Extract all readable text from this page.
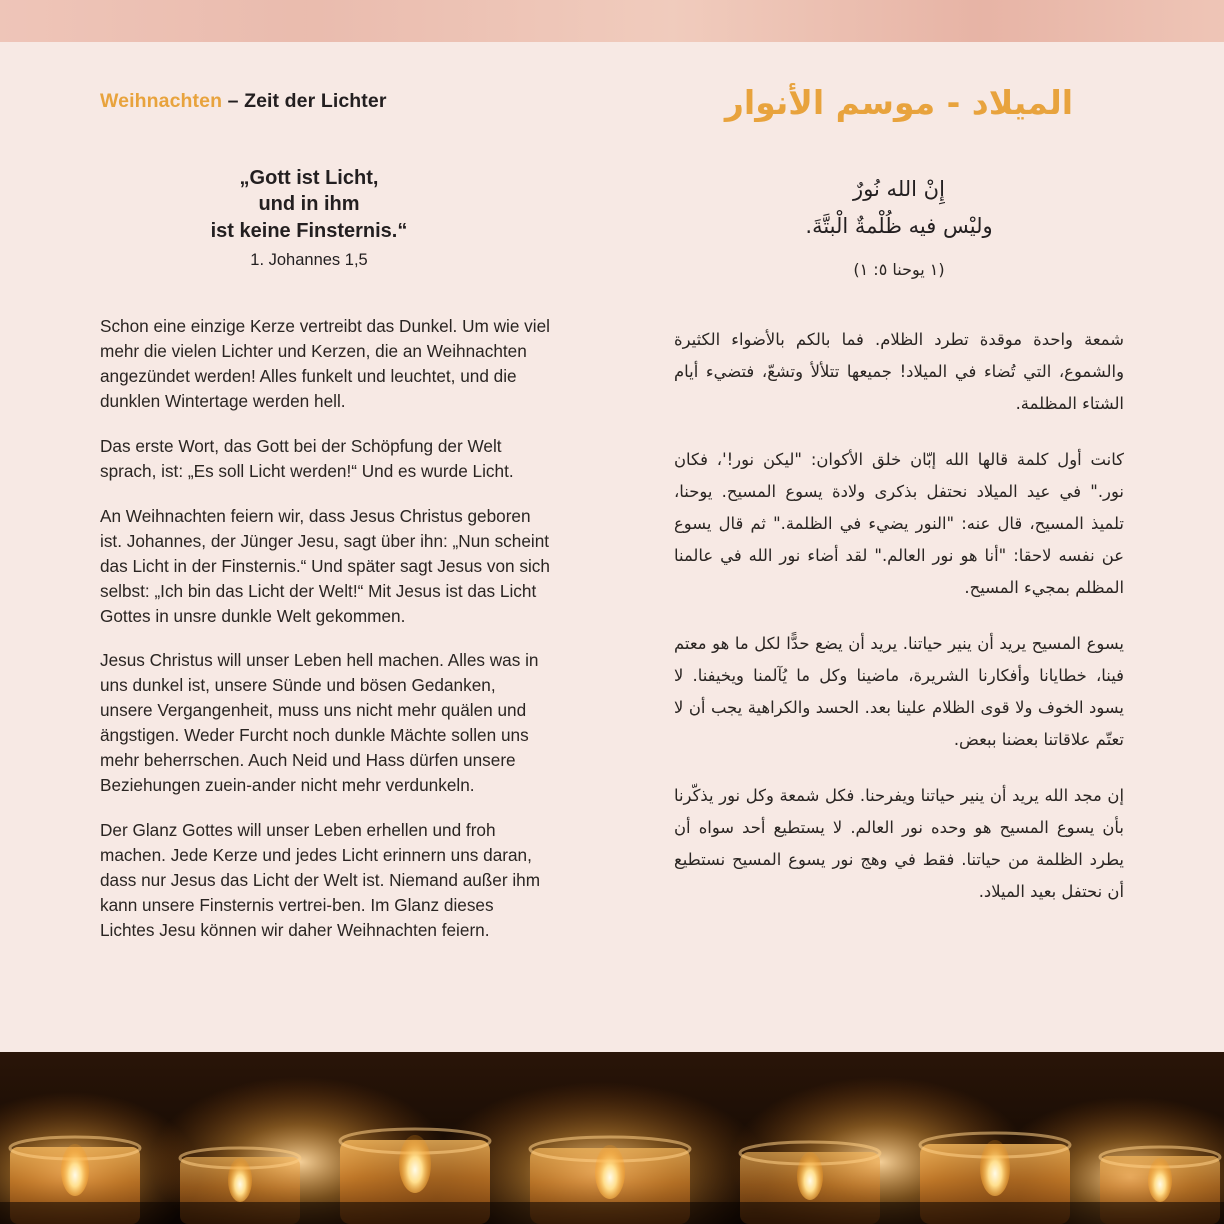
Weihnachten – Zeit der Lichter
„Gott ist Licht,
und in ihm
ist keine Finsternis.“
1. Johannes 1,5

Schon eine einzige Kerze vertreibt das Dunkel. Um wie viel mehr die vielen Lichter und Kerzen, die an Weihnachten angezündet werden! Alles funkelt und leuchtet, und die dunklen Wintertage werden hell.

Das erste Wort, das Gott bei der Schöpfung der Welt sprach, ist: „Es soll Licht werden!“ Und es wurde Licht.

An Weihnachten feiern wir, dass Jesus Christus geboren ist. Johannes, der Jünger Jesu, sagt über ihn: „Nun scheint das Licht in der Finsternis.“ Und später sagt Jesus von sich selbst: „Ich bin das Licht der Welt!“ Mit Jesus ist das Licht Gottes in unsre dunkle Welt gekommen.

Jesus Christus will unser Leben hell machen. Alles was in uns dunkel ist, unsere Sünde und bösen Gedanken, unsere Vergangenheit, muss uns nicht mehr quälen und ängstigen. Weder Furcht noch dunkle Mächte sollen uns mehr beherrschen. Auch Neid und Hass dürfen unsere Beziehungen zuein-ander nicht mehr verdunkeln.

Der Glanz Gottes will unser Leben erhellen und froh machen. Jede Kerze und jedes Licht erinnern uns daran, dass nur Jesus das Licht der Welt ist. Niemand außer ihm kann unsere Finsternis vertrei-ben. Im Glanz dieses Lichtes Jesu können wir daher Weihnachten feiern.

الميلاد - موسم الأنوار
إِنْ الله نُورٌ
وليْس فيه ظُلْمةٌ الْبتَّةَ.
(١ يوحنا ٥: ١)

شمعة واحدة موقدة تطرد الظلام. فما بالكم بالأضواء الكثيرة والشموع، التي تُضاء في الميلاد! جميعها تتلألأ وتشعّ، فتضيء أيام الشتاء المظلمة.

كانت أول كلمة قالها الله إبّان خلق الأكوان: "ليكن نور!'، فكان نور." في عيد الميلاد نحتفل بذكرى ولادة يسوع المسيح. يوحنا، تلميذ المسيح، قال عنه: "النور يضيء في الظلمة." ثم قال يسوع عن نفسه لاحقا: "أنا هو نور العالم." لقد أضاء نور الله في عالمنا المظلم بمجيء المسيح.

يسوع المسيح يريد أن ينير حياتنا. يريد أن يضع حدًّا لكل ما هو معتم فينا، خطايانا وأفكارنا الشريرة، ماضينا وكل ما يُآلمنا ويخيفنا. لا يسود الخوف ولا قوى الظلام علينا بعد. الحسد والكراهية يجب أن لا تعتّم علاقاتنا بعضنا ببعض.

إن مجد الله يريد أن ينير حياتنا ويفرحنا. فكل شمعة وكل نور يذكّرنا بأن يسوع المسيح هو وحده نور العالم. لا يستطيع أحد سواه أن يطرد الظلمة من حياتنا. فقط في وهج نور يسوع المسيح نستطيع أن نحتفل بعيد الميلاد.
